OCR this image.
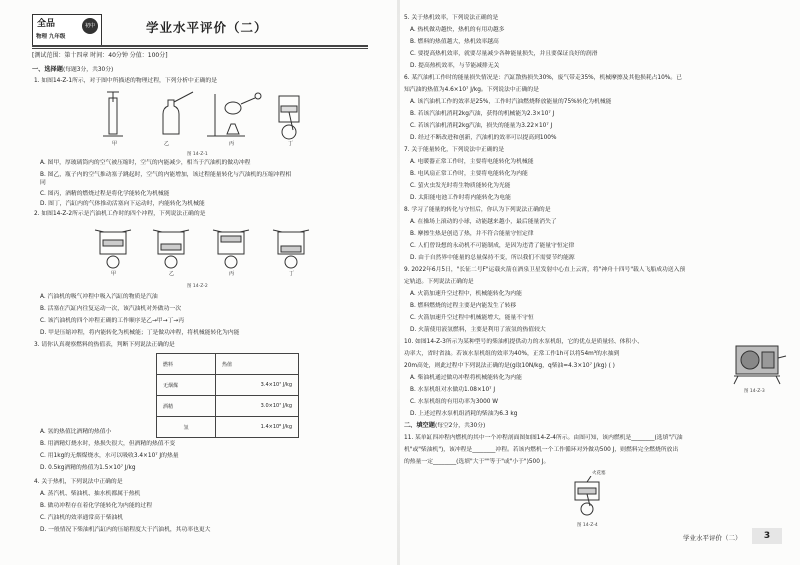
全品
物理 九年级
初中	学业水平评价（二）
[测试范围：第十四章 时间：40分钟 分值：100分]
一、选择题(每题3分，共30分)
1. 如图14-Z-1所示，对于图中所描述的物理过程，下列分析中正确的是
甲	乙	丙	丁
图 14-Z-1
A. 图甲，厚玻璃筒内的空气被压缩时，空气的内能减少，相当于汽油机的做功冲程
B. 图乙，瓶子内的空气推动塞子跳起时，空气的内能增加，该过程能量转化与汽油机的压缩冲程相
同
C. 图丙，酒精的燃烧过程是将化学能转化为机械能
D. 图丁，汽缸内的气体推动活塞向下运动时，内能转化为机械能
2. 如图14-Z-2所示是汽油机工作时的四个冲程，下列说法正确的是
甲	乙	丙	丁
图 14-Z-2
A. 汽油机的吸气冲程中吸入汽缸的物质是汽油
B. 活塞在汽缸内往复运动一次，该汽油机对外做功一次
C. 该汽油机的四个冲程正确的工作顺序是乙→甲→丁→丙
D. 甲是压缩冲程，将内能转化为机械能；丁是做功冲程，将机械能转化为内能
3. 请你认真观察燃料的热值表，判断下列说法正确的是
燃料	热值
无烟煤	3.4×10⁷ J/kg
酒精	3.0×10⁷ J/kg
氢	1.4×10⁸ J/kg
A. 氢的热值比酒精的热值小
B. 用酒精灯烧水时，热损失很大，但酒精的热值不变
C. 用1kg的无烟煤烧水，水可以吸收3.4×10⁷ J的热量
D. 0.5kg酒精的热值为1.5×10⁷ J/kg
4. 关于热机，下列说法中正确的是
A. 蒸汽机、柴油机、抽水机都属于热机
B. 做功冲程存在着化学能转化为内能的过程
C. 汽油机的效率通常高于柴油机
D. 一般情况下柴油机汽缸内的压缩程度大于汽油机，其功率也更大
5. 关于热机效率，下列说法正确的是
A. 热机做功越快，热机的有用功越多
B. 燃料的热值越大，热机效率越高
C. 要提高热机效率，就要尽量减少各种能量损失，并且要保证良好的润滑
D. 提高热机效率，与节能减排无关
6. 某汽油机工作时的能量损失情况是：汽缸散热损失30%，废气带走35%，机械摩擦及其他损耗占10%。已
知汽油的热值为4.6×10⁷ J/kg。下列说法中正确的是
A. 该汽油机工作的效率是25%，工作时汽油燃烧释放能量的75%转化为机械能
B. 若该汽油机消耗2kg汽油，获得的机械能为2.3×10⁷ J
C. 若该汽油机消耗2kg汽油，损失的能量为3.22×10⁷ J
D. 经过不断改进和创新，汽油机的效率可以提高到100%
7. 关于能量转化，下列说法中正确的是
A. 电暖器正常工作时，主要将电能转化为机械能
B. 电风扇正常工作时，主要将电能转化为内能
C. 萤火虫发光时将生物质能转化为光能
D. 太阳能电池工作时将内能转化为电能
8. 学习了能量的转化与守恒后，你认为下列说法正确的是
A. 在操场上滚动的小球，动能越来越小，最后能量消失了
B. 摩擦生热是创造了热，并不符合能量守恒定律
C. 人们曾设想的永动机不可能制成，是因为违背了能量守恒定律
D. 由于自然界中能量的总量保持不变，所以我们不需要节约能源
9. 2022年6月5日，"长征二号F"运载火箭在酒泉卫星发射中心直上云霄，将"神舟十四号"载人飞船成功送入预
定轨道。下列说法正确的是
A. 火箭加速升空过程中，机械能转化为内能
B. 燃料燃烧的过程主要是内能发生了转移
C. 火箭加速升空过程中机械能增大，能量不守恒
D. 火箭使用液氢燃料，主要是利用了液氢的热值较大
10. 如图14-Z-3所示为某种型号的柴油机提供动力的水泵机组，它的优点是质量轻、体积小、
功率大，省时省油。若该水泵机组的效率为40%，正常工作1h可以将54m³的水抽到
20m高处，则此过程中下列说法正确的是(g取10N/kg，q柴油=4.3×10⁷ J/kg) ( )
A. 柴油机通过做功冲程将机械能转化为内能
B. 水泵机组对水做功1.08×10⁷ J
C. 水泵机组的有用功率为3000 W
D. 上述过程水泵机组消耗的柴油为6.3 kg
图 14-Z-3
二、填空题(每空2分，共30分)
11. 某单缸四冲程内燃机的其中一个冲程剖面图如图14-Z-4所示。由图可知，该内燃机是________(选填"汽油
机"或"柴油机")，该冲程是________冲程。若该内燃机一个工作循环对外做功500 J，则燃料完全燃烧所放出
的热量一定________(选填"大于""等于"或"小于")500 J。
火花塞
图 14-Z-4
学业水平评价（二）	3
